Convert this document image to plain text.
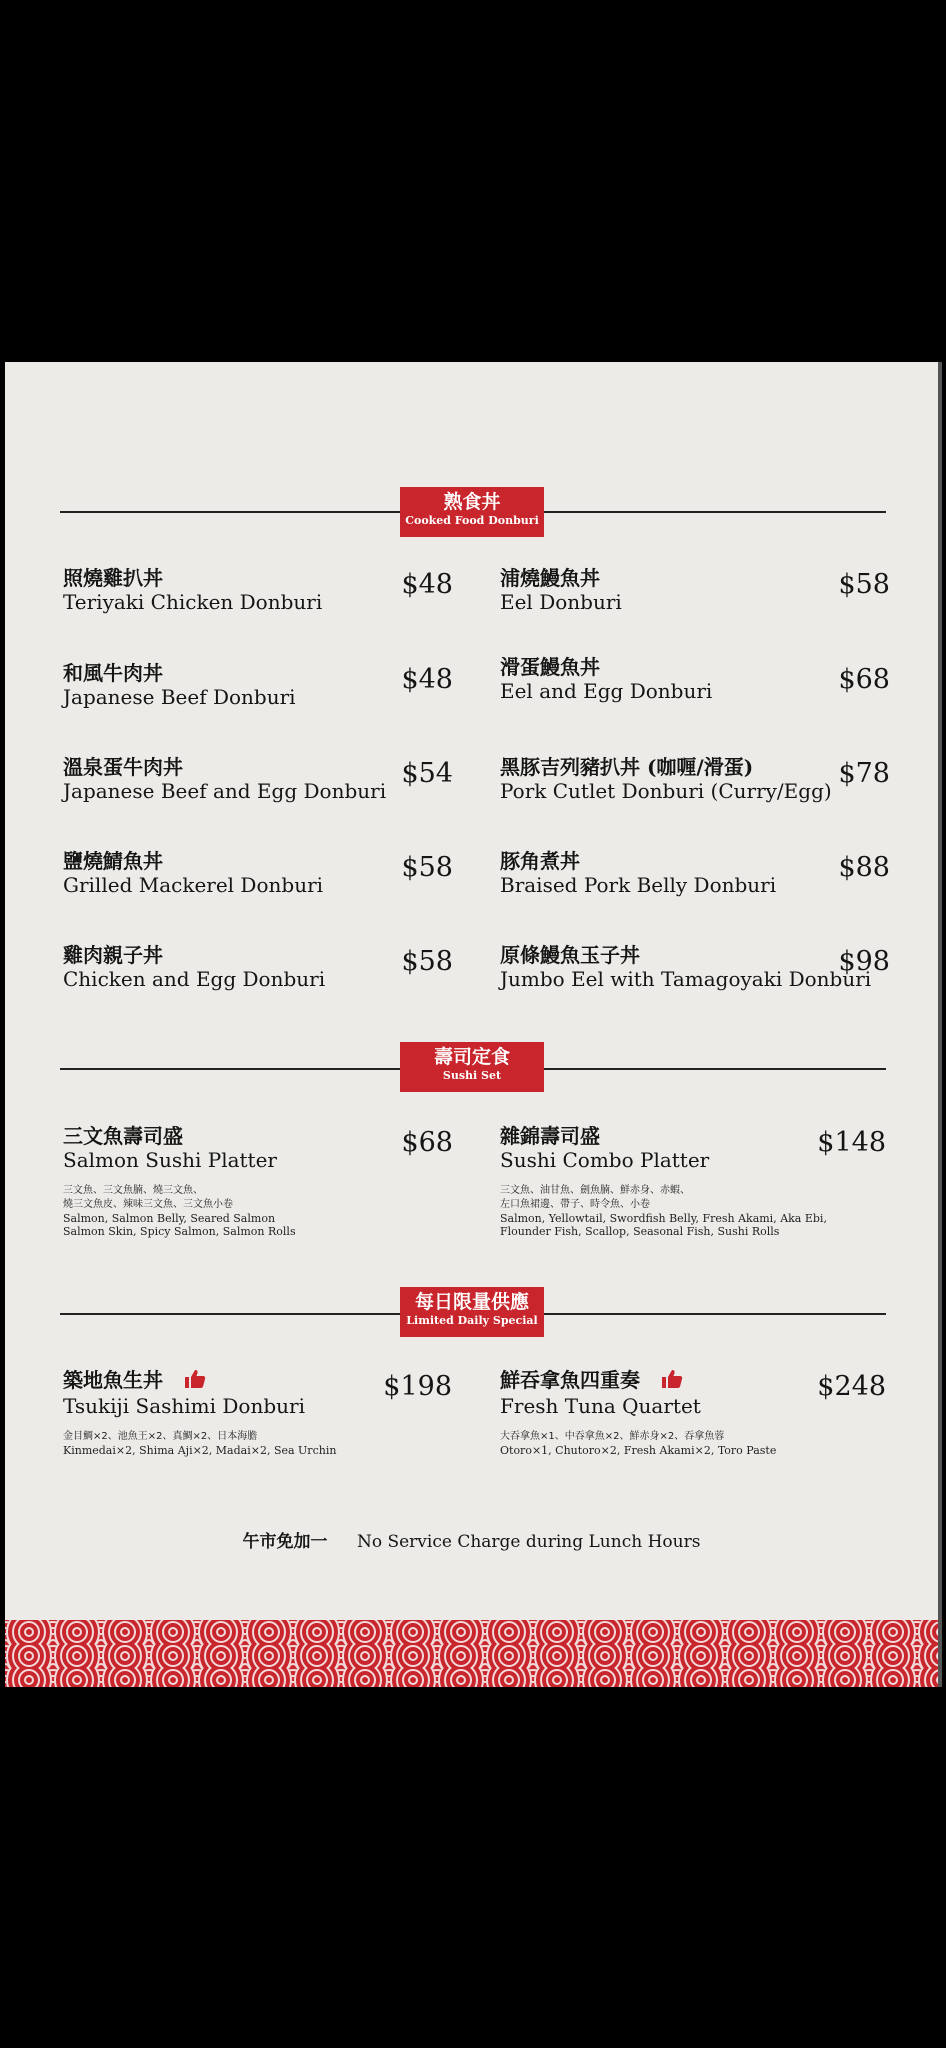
熟食丼
Cooked Food Donburi
照燒雞扒丼
Teriyaki Chicken Donburi
$48
和風牛肉丼
Japanese Beef Donburi
$48
溫泉蛋牛肉丼
Japanese Beef and Egg Donburi
$54
鹽燒鯖魚丼
Grilled Mackerel Donburi
$58
雞肉親子丼
Chicken and Egg Donburi
$58
浦燒鰻魚丼
Eel Donburi
$58
滑蛋鰻魚丼
Eel and Egg Donburi	$68
黑豚吉列豬扒丼 (咖喱/滑蛋)
Pork Cutlet Donburi (Curry/Egg)
$78
豚角煮丼
Braised Pork Belly Donburi
$88
原條鰻魚玉子丼
Jumbo Eel with Tamagoyaki Donburi
$98
壽司定食
Sushi Set
三文魚壽司盛
Salmon Sushi Platter
$68
三文魚、三文魚腩、燒三文魚、
燒三文魚皮、辣味三文魚、三文魚小卷
Salmon, Salmon Belly, Seared Salmon
Salmon Skin, Spicy Salmon, Salmon Rolls
雜錦壽司盛
Sushi Combo Platter
$148
三文魚、油甘魚、劍魚腩、鮮赤身、赤蝦、
左口魚裙邊、帶子、時令魚、小卷
Salmon, Yellowtail, Swordfish Belly, Fresh Akami, Aka Ebi,
Flounder Fish, Scallop, Seasonal Fish, Sushi Rolls
每日限量供應
Limited Daily Special
築地魚生丼
Tsukiji Sashimi Donburi
$198
金目鯛×2、池魚王×2、真鯛×2、日本海膽
Kinmedai×2, Shima Aji×2, Madai×2, Sea Urchin
鮮吞拿魚四重奏
Fresh Tuna Quartet
$248
大吞拿魚×1、中吞拿魚×2、鮮赤身×2、吞拿魚蓉
Otoro×1, Chutoro×2, Fresh Akami×2, Toro Paste
午市免加一 No Service Charge during Lunch Hours
